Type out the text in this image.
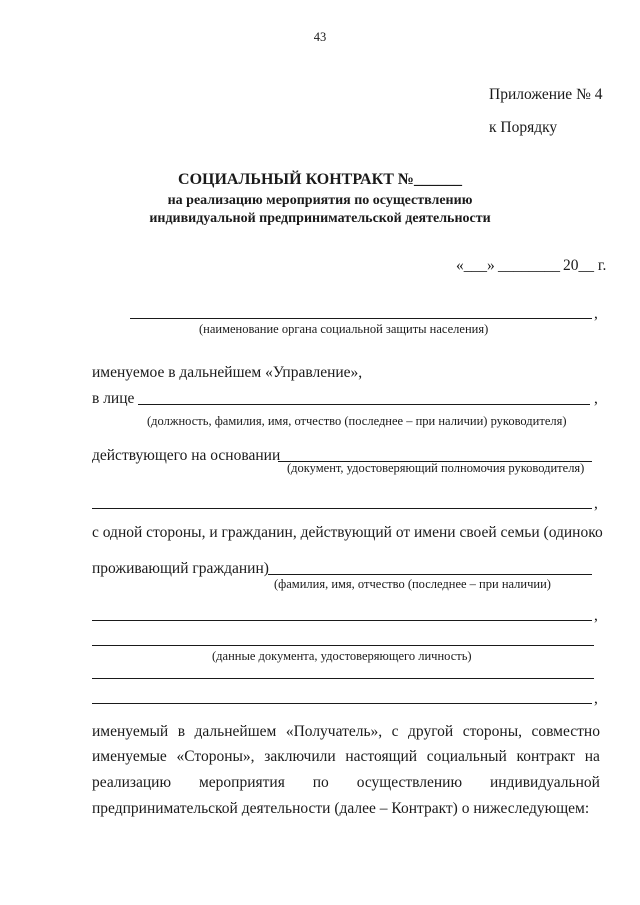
43
Приложение № 4
к Порядку
СОЦИАЛЬНЫЙ КОНТРАКТ №______
на реализацию мероприятия по осуществлению
индивидуальной предпринимательской деятельности
«___» ________ 20__ г.
,
(наименование органа социальной защиты населения)
именуемое в дальнейшем «Управление»,
в лице	,
(должность, фамилия, имя, отчество (последнее – при наличии) руководителя)
действующего на основании
(документ, удостоверяющий полномочия руководителя)
,
с одной стороны, и гражданин, действующий от имени своей семьи (одиноко
проживающий гражданин)
(фамилия, имя, отчество (последнее – при наличии)
,
(данные документа, удостоверяющего личность)
,
именуемый в дальнейшем «Получатель», с другой стороны, совместно
именуемые «Стороны», заключили настоящий социальный контракт на
реализацию мероприятия по осуществлению индивидуальной
предпринимательской деятельности (далее – Контракт) о нижеследующем:
